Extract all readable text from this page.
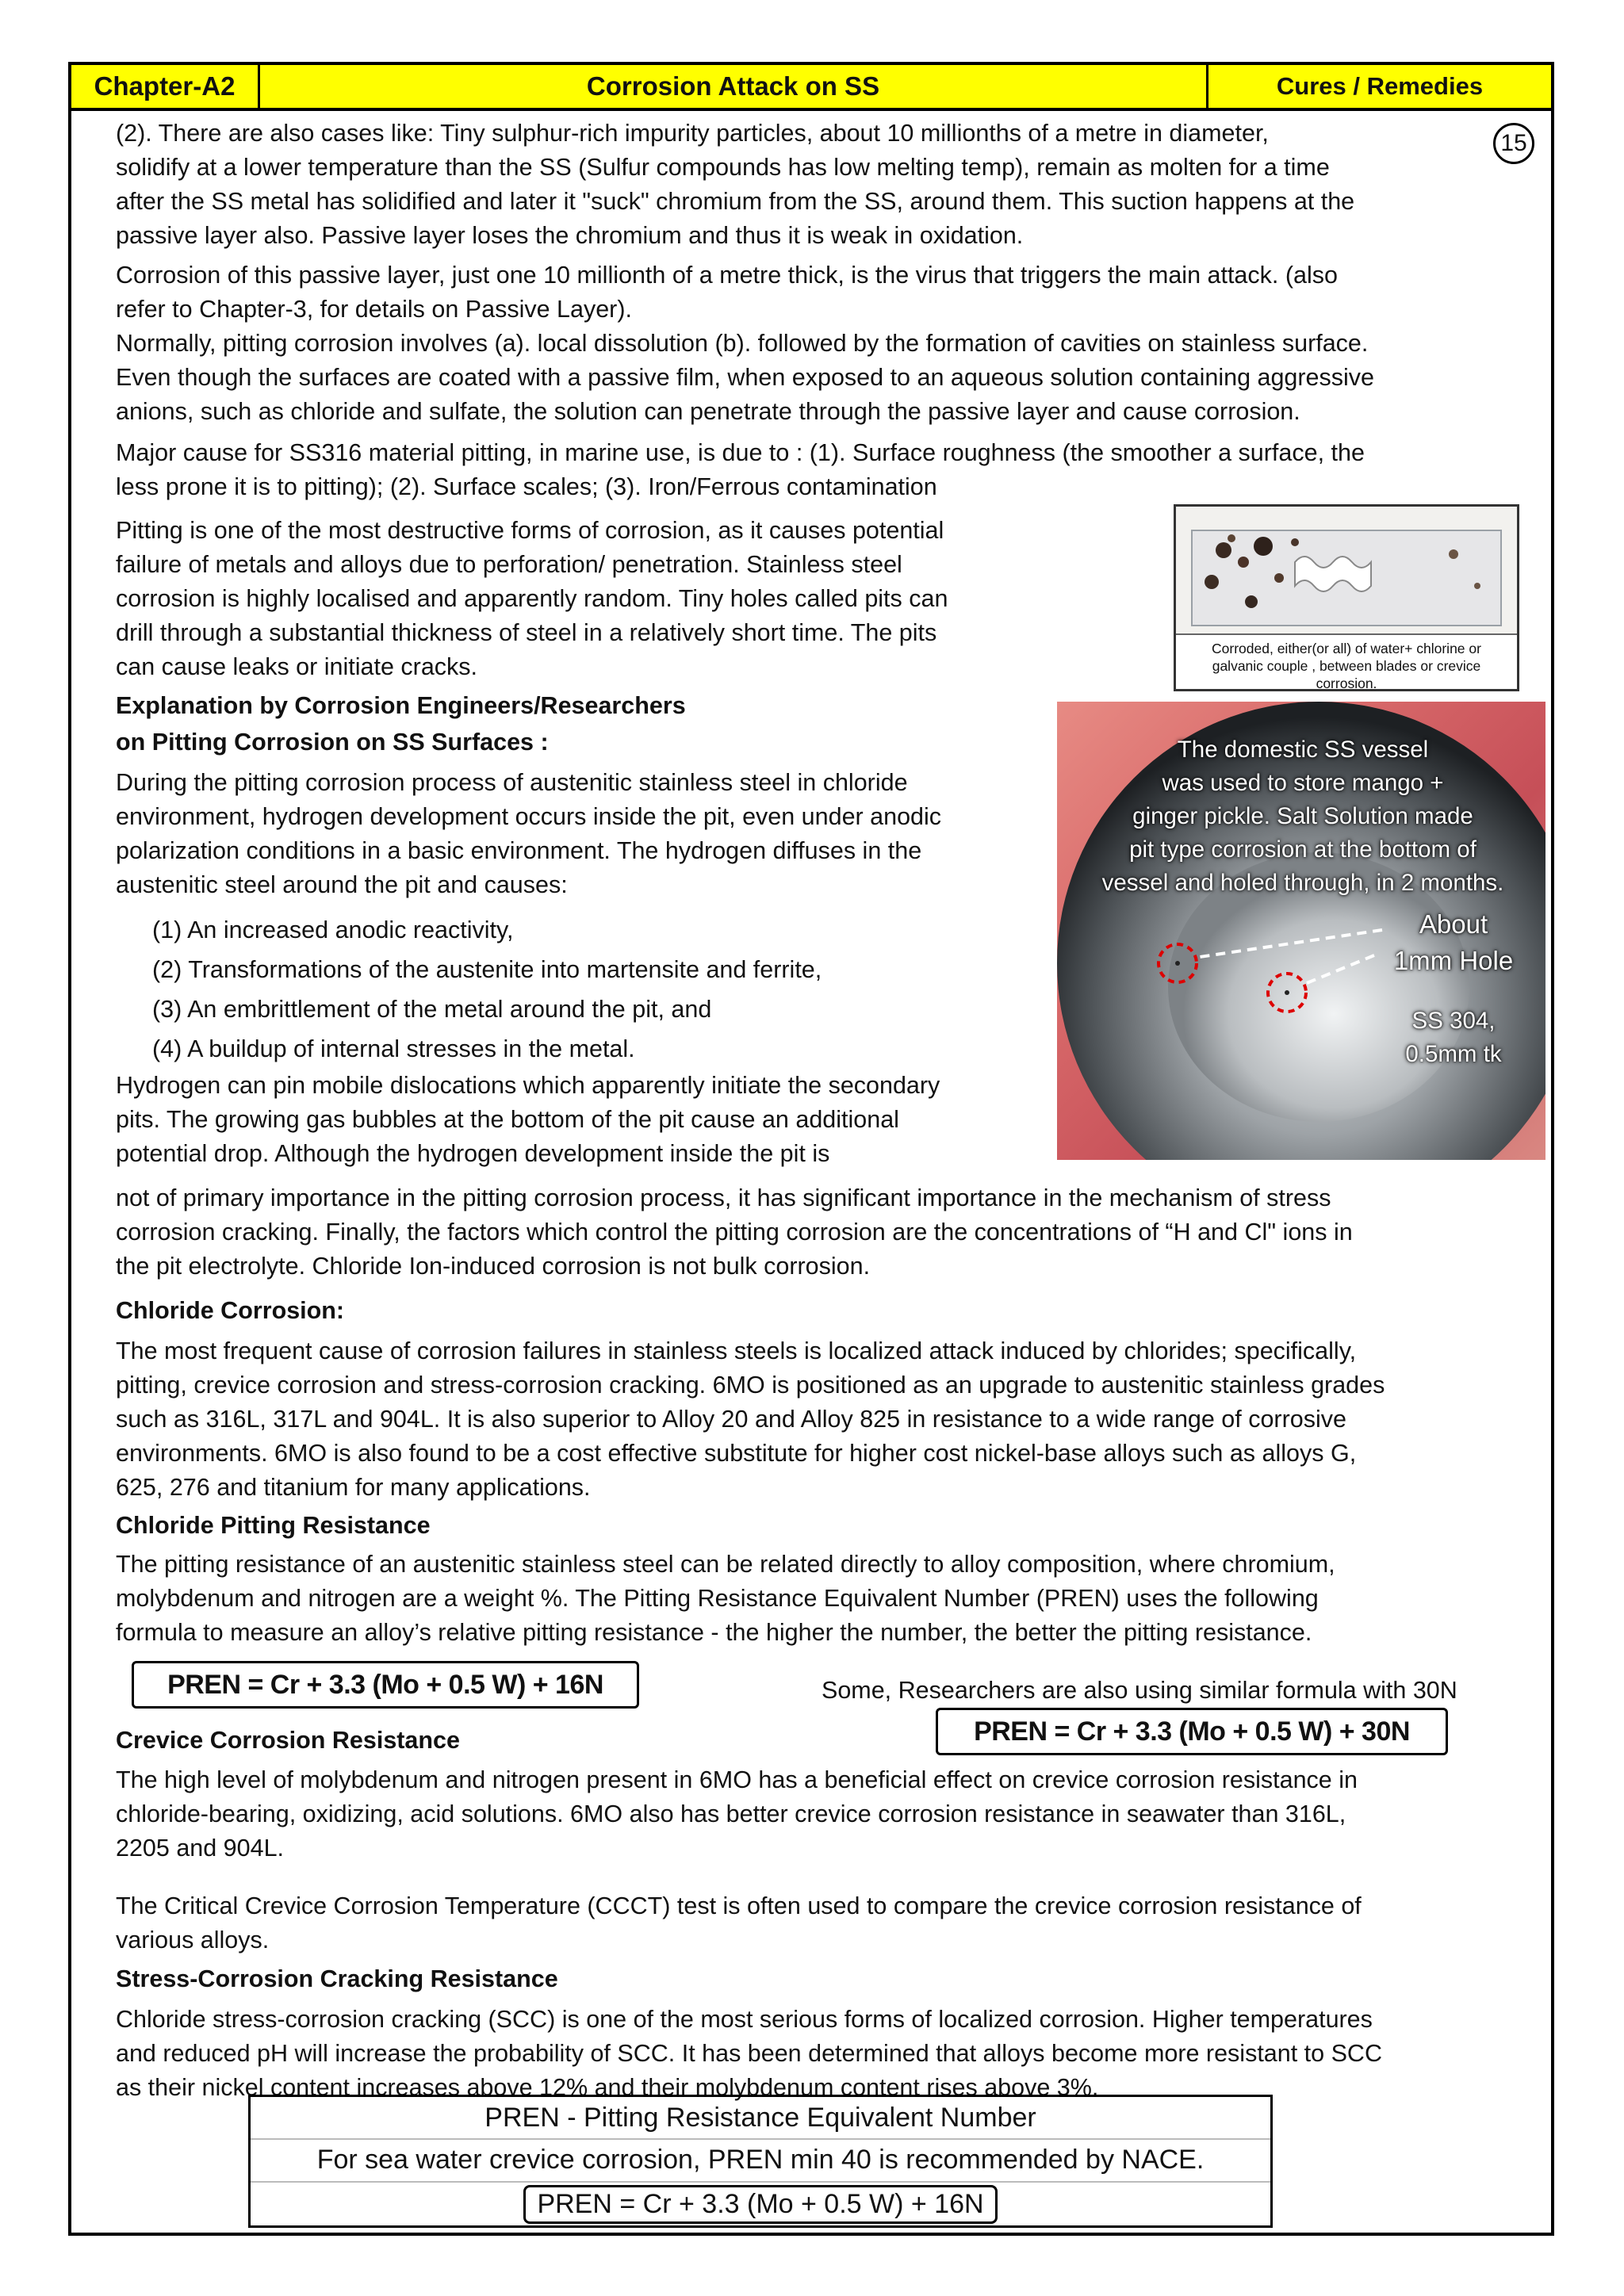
Chapter-A2	Corrosion Attack on SS	Cures / Remedies
15

(2). There are also cases like: Tiny sulphur-rich impurity particles, about 10 millionths of a metre in diameter,

solidify at a lower temperature than the SS (Sulfur compounds has low melting temp), remain as molten for a time

after the SS metal has solidified and later it "suck" chromium from the SS, around them. This suction happens at the

passive layer also. Passive layer loses the chromium and thus it is weak in oxidation.

Corrosion of this passive layer, just one 10 millionth of a metre thick, is the virus that triggers the main attack. (also

refer to Chapter-3, for details on Passive Layer).

Normally, pitting corrosion involves (a). local dissolution (b). followed by the formation of cavities on stainless surface.

Even though the surfaces are coated with a passive film, when exposed to an aqueous solution containing aggressive

anions, such as chloride and sulfate, the solution can penetrate through the passive layer and cause corrosion.

Major cause for SS316 material pitting, in marine use, is due to : (1). Surface roughness (the smoother a surface, the

less prone it is to pitting); (2). Surface scales; (3). Iron/Ferrous contamination

Pitting is one of the most destructive forms of corrosion, as it causes potential

failure of metals and alloys due to perforation/ penetration. Stainless steel

corrosion is highly localised and apparently random. Tiny holes called pits can

drill through a substantial thickness of steel in a relatively short time. The pits

can cause leaks or initiate cracks.

Explanation by Corrosion Engineers/Researchers

on Pitting Corrosion on SS Surfaces :

During the pitting corrosion process of austenitic stainless steel in chloride

environment, hydrogen development occurs inside the pit, even under anodic

polarization conditions in a basic environment. The hydrogen diffuses in the

austenitic steel around the pit and causes:

(1) An increased anodic reactivity,

(2) Transformations of the austenite into martensite and ferrite,

(3) An embrittlement of the metal around the pit, and

(4) A buildup of internal stresses in the metal.

Hydrogen can pin mobile dislocations which apparently initiate the secondary

pits. The growing gas bubbles at the bottom of the pit cause an additional

potential drop. Although the hydrogen development inside the pit is

not of primary importance in the pitting corrosion process, it has significant importance in the mechanism of stress

corrosion cracking. Finally, the factors which control the pitting corrosion are the concentrations of “H and Cl" ions in

the pit electrolyte. Chloride Ion-induced corrosion is not bulk corrosion.

Chloride Corrosion:

The most frequent cause of corrosion failures in stainless steels is localized attack induced by chlorides; specifically,

pitting, crevice corrosion and stress-corrosion cracking. 6MO is positioned as an upgrade to austenitic stainless grades

such as 316L, 317L and 904L. It is also superior to Alloy 20 and Alloy 825 in resistance to a wide range of corrosive

environments. 6MO is also found to be a cost effective substitute for higher cost nickel-base alloys such as alloys G,

625, 276 and titanium for many applications.

Chloride Pitting Resistance

The pitting resistance of an austenitic stainless steel can be related directly to alloy composition, where chromium,

molybdenum and nitrogen are a weight %. The Pitting Resistance Equivalent Number (PREN) uses the following

formula to measure an alloy’s relative pitting resistance - the higher the number, the better the pitting resistance.

PREN = Cr + 3.3 (Mo + 0.5 W) + 16N	Some, Researchers are also using similar formula with 30N

PREN = Cr + 3.3 (Mo + 0.5 W) + 30N

Crevice Corrosion Resistance

The high level of molybdenum and nitrogen present in 6MO has a beneficial effect on crevice corrosion resistance in

chloride-bearing, oxidizing, acid solutions. 6MO also has better crevice corrosion resistance in seawater than 316L,

2205 and 904L.

The Critical Crevice Corrosion Temperature (CCCT) test is often used to compare the crevice corrosion resistance of

various alloys.

Stress-Corrosion Cracking Resistance

Chloride stress-corrosion cracking (SCC) is one of the most serious forms of localized corrosion. Higher temperatures

and reduced pH will increase the probability of SCC. It has been determined that alloys become more resistant to SCC

as their nickel content increases above 12% and their molybdenum content rises above 3%.

Corroded, either(or all) of water+ chlorine or
galvanic couple , between blades or crevice
corrosion.
The domestic SS vessel
was used to store mango +
ginger pickle. Salt Solution made
pit type corrosion at the bottom of
vessel and holed through, in 2 months.
About
1mm Hole
SS 304,
0.5mm tk
PREN - Pitting Resistance Equivalent Number
For sea water crevice corrosion, PREN min 40 is recommended by NACE.
PREN = Cr + 3.3 (Mo + 0.5 W) + 16N
